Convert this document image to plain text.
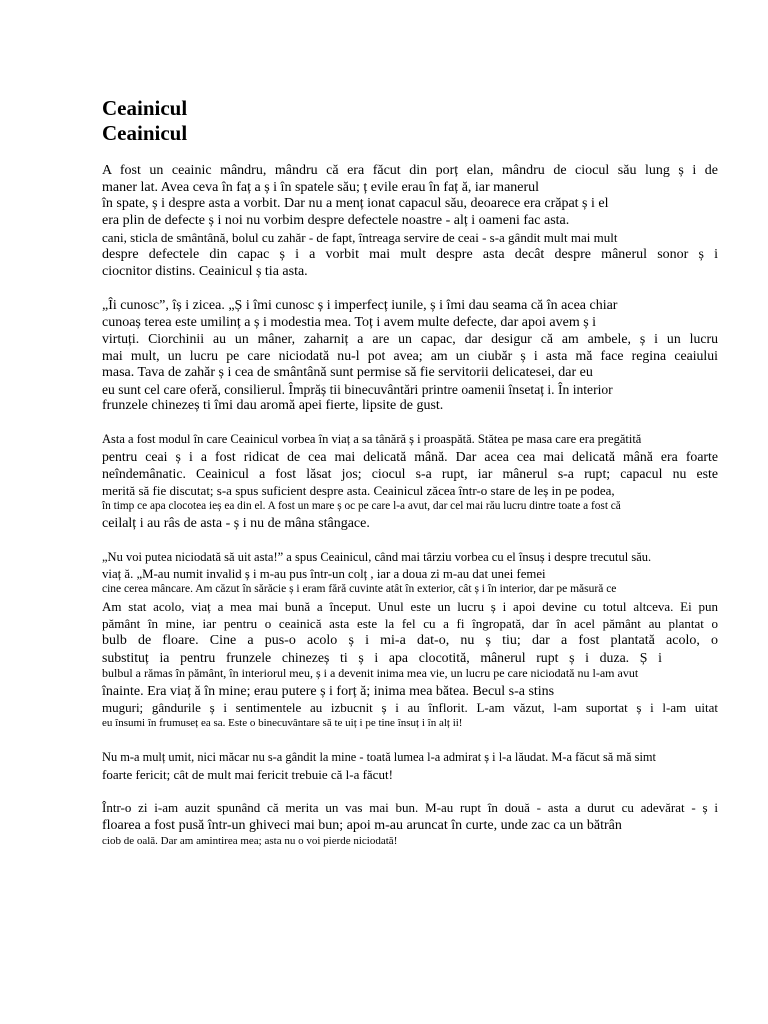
Ceainicul
Ceainicul
A fost un ceainic mândru, mândru că era făcut din porț elan, mândru de ciocul său lung ș i de
maner lat. Avea ceva în faț a ș i în spatele său; ț evile erau în faț ă, iar manerul
în spate, ș i despre asta a vorbit. Dar nu a menț ionat capacul său, deoarece era crăpat ș i el
era plin de defecte ș i noi nu vorbim despre defectele noastre - alț i oameni fac asta.
cani, sticla de smântână, bolul cu zahăr - de fapt, întreaga servire de ceai - s-a gândit mult mai mult
despre defectele din capac ș i a vorbit mai mult despre asta decât despre mânerul sonor ș i
ciocnitor distins. Ceainicul ș tia asta.
„Îi cunosc”, îș i zicea. „Ș i îmi cunosc ș i imperfecț iunile, ș i îmi dau seama că în acea chiar
cunoaș terea este umilinț a ș i modestia mea. Toț i avem multe defecte, dar apoi avem ș i
virtuți. Ciorchinii au un mâner, zaharniț a are un capac, dar desigur că am ambele, ș i un lucru
mai mult, un lucru pe care niciodată nu-l pot avea; am un ciubăr ș i asta mă face regina ceaiului
masa. Tava de zahăr ș i cea de smântână sunt permise să fie servitorii delicatesei, dar eu
eu sunt cel care oferă, consilierul. Împrăș tii binecuvântări printre oamenii însetaț i. În interior
frunzele chinezeș ti îmi dau aromă apei fierte, lipsite de gust.
Asta a fost modul în care Ceainicul vorbea în viaț a sa tânără ș i proaspătă. Stătea pe masa care era pregătită
pentru ceai ș i a fost ridicat de cea mai delicată mână. Dar acea cea mai delicată mână era foarte
neîndemânatic. Ceainicul a fost lăsat jos; ciocul s-a rupt, iar mânerul s-a rupt; capacul nu este
merită să fie discutat; s-a spus suficient despre asta. Ceainicul zăcea într-o stare de leș in pe podea,
în timp ce apa clocotea ieș ea din el. A fost un mare ș oc pe care l-a avut, dar cel mai rău lucru dintre toate a fost că
ceilalț i au râs de asta - ș i nu de mâna stângace.
„Nu voi putea niciodată să uit asta!” a spus Ceainicul, când mai târziu vorbea cu el însuș i despre trecutul său.
viaț ă. „M-au numit invalid ș i m-au pus într-un colț , iar a doua zi m-au dat unei femei
cine cerea mâncare. Am căzut în sărăcie ș i eram fără cuvinte atât în exterior, cât ș i în interior, dar pe măsură ce
Am stat acolo, viaț a mea mai bună a început. Unul este un lucru ș i apoi devine cu totul altceva. Ei pun
pământ în mine, iar pentru o ceainică asta este la fel cu a fi îngropată, dar în acel pământ au plantat o
bulb de floare. Cine a pus-o acolo ș i mi-a dat-o, nu ș tiu; dar a fost plantată acolo, o
substituț ia pentru frunzele chinezeș ti ș i apa clocotită, mânerul rupt ș i duza. Ș i
bulbul a rămas în pământ, în interiorul meu, ș i a devenit inima mea vie, un lucru pe care niciodată nu l-am avut
înainte. Era viaț ă în mine; erau putere ș i forț ă; inima mea bătea. Becul s-a stins
muguri; gândurile ș i sentimentele au izbucnit ș i au înflorit. L-am văzut, l-am suportat ș i l-am uitat
eu însumi în frumuseț ea sa. Este o binecuvântare să te uiț i pe tine însuț i în alț ii!
Nu m-a mulț umit, nici măcar nu s-a gândit la mine - toată lumea l-a admirat ș i l-a lăudat. M-a făcut să mă simt
foarte fericit; cât de mult mai fericit trebuie că l-a făcut!
Într-o zi i-am auzit spunând că merita un vas mai bun. M-au rupt în două - asta a durut cu adevărat - ș i
floarea a fost pusă într-un ghiveci mai bun; apoi m-au aruncat în curte, unde zac ca un bătrân
ciob de oală. Dar am amintirea mea; asta nu o voi pierde niciodată!
